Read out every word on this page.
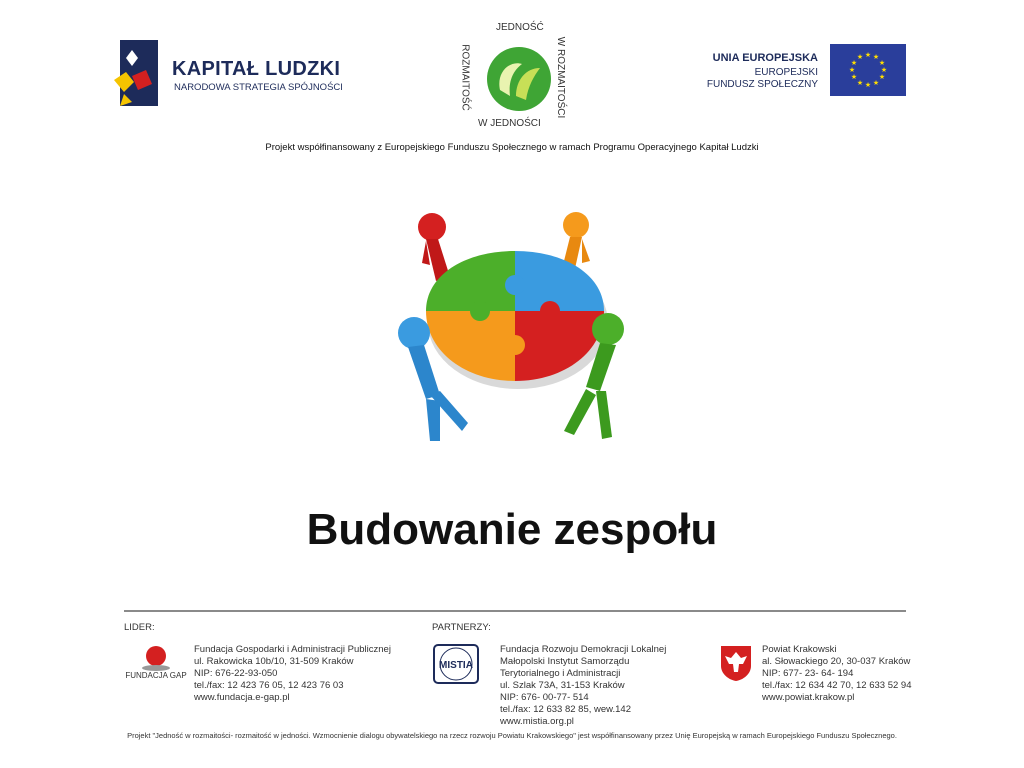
KAPITAŁ LUDZKI
NARODOWA STRATEGIA SPÓJNOŚCI
JEDNOŚĆ
W ROZMAITOŚCI
W JEDNOŚCI
ROZMAITOŚĆ	UNIA EUROPEJSKA
EUROPEJSKI
FUNDUSZ SPOŁECZNY
★ ★
★
★
★
★
★
★
★
★
★
★
Projekt współfinansowany z Europejskiego Funduszu Społecznego w ramach Programu Operacyjnego Kapitał Ludzki
Budowanie zespołu
LIDER:	PARTNERZY:
FUNDACJA GAP
Fundacja Gospodarki i Administracji Publicznej
ul. Rakowicka 10b/10, 31-509 Kraków
NIP: 676-22-93-050
tel./fax: 12 423 76 05, 12 423 76 03
www.fundacja.e-gap.pl
MISTIA
Fundacja Rozwoju Demokracji Lokalnej
Małopolski Instytut Samorządu
Terytorialnego i Administracji
ul. Szlak 73A, 31-153 Kraków
NIP: 676- 00-77- 514
tel./fax: 12 633 82 85, wew.142
www.mistia.org.pl
Powiat Krakowski
al. Słowackiego 20, 30-037 Kraków
NIP: 677- 23- 64- 194
tel./fax: 12 634 42 70, 12 633 52 94
www.powiat.krakow.pl
Projekt "Jedność w rozmaitości- rozmaitość w jedności. Wzmocnienie dialogu obywatelskiego na rzecz rozwoju Powiatu Krakowskiego" jest współfinansowany przez Unię Europejską w ramach Europejskiego Funduszu Społecznego.
